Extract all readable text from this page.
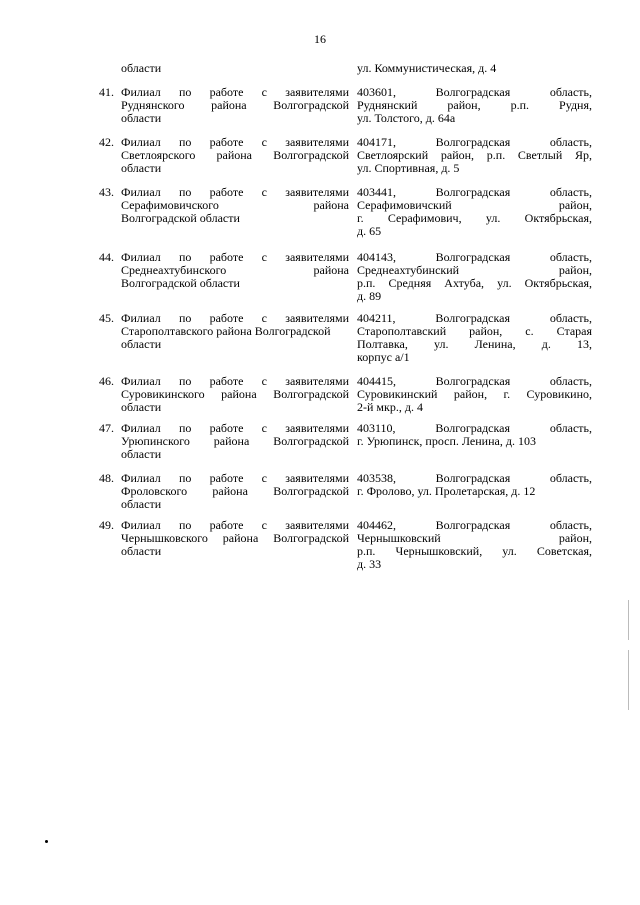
16
области	ул. Коммунистическая, д. 4
41. Филиал по работе с заявителями
Руднянского района Волгоградской
области
403601, Волгоградская область,
Руднянский район, р.п. Рудня,
ул. Толстого, д. 64а
42. Филиал по работе с заявителями
Светлоярского района Волгоградской
области
404171, Волгоградская область,
Светлоярский район, р.п. Светлый Яр,
ул. Спортивная, д. 5
43. Филиал по работе с заявителями
Серафимовичского района
Волгоградской области
403441, Волгоградская область,
Серафимовичский район,
г. Серафимович, ул. Октябрьская,
д. 65
44. Филиал по работе с заявителями
Среднеахтубинского района
Волгоградской области
404143, Волгоградская область,
Среднеахтубинский район,
р.п. Средняя Ахтуба, ул. Октябрьская,
д. 89
45. Филиал по работе с заявителями
Старополтавского района Волгоградской
области
404211, Волгоградская область,
Старополтавский район, с. Старая
Полтавка, ул. Ленина, д. 13,
корпус а/1
46. Филиал по работе с заявителями
Суровикинского района Волгоградской
области
404415, Волгоградская область,
Суровикинский район, г. Суровикино,
2-й мкр., д. 4
47. Филиал по работе с заявителями
Урюпинского района Волгоградской
области
403110, Волгоградская область,
г. Урюпинск, просп. Ленина, д. 103
48. Филиал по работе с заявителями
Фроловского района Волгоградской
области
403538, Волгоградская область,
г. Фролово, ул. Пролетарская, д. 12
49. Филиал по работе с заявителями
Чернышковского района Волгоградской
области
404462, Волгоградская область,
Чернышковский район,
р.п. Чернышковский, ул. Советская,
д. 33
